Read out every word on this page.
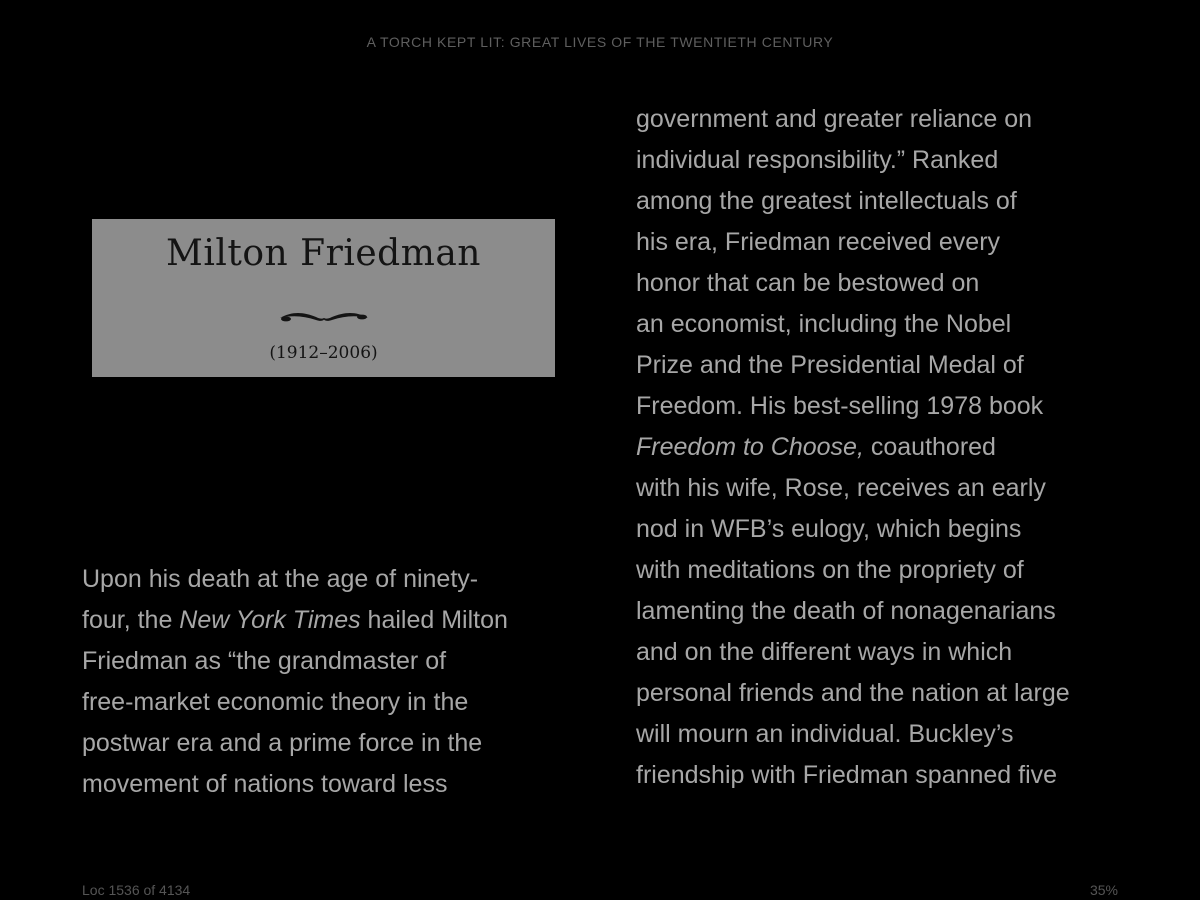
A TORCH KEPT LIT: GREAT LIVES OF THE TWENTIETH CENTURY
Milton Friedman
(1912–2006)

Upon his death at the age of ninety-
four, the New York Times hailed Milton
Friedman as “the grandmaster of
free-market economic theory in the
postwar era and a prime force in the
movement of nations toward less

government and greater reliance on
individual responsibility.” Ranked
among the greatest intellectuals of
his era, Friedman received every
honor that can be bestowed on
an economist, including the Nobel
Prize and the Presidential Medal of
Freedom. His best-selling 1978 book
Freedom to Choose, coauthored
with his wife, Rose, receives an early
nod in WFB’s eulogy, which begins
with meditations on the propriety of
lamenting the death of nonagenarians
and on the different ways in which
personal friends and the nation at large
will mourn an individual. Buckley’s
friendship with Friedman spanned five

Loc 1536 of 4134	35%
